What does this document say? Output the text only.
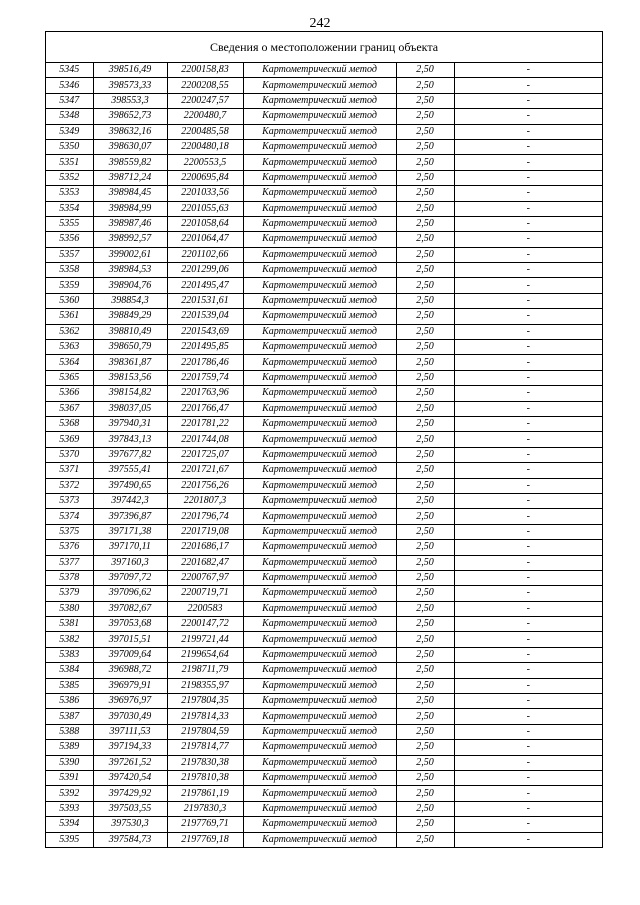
242
Сведения о местоположении границ объекта
5345	398516,49	2200158,83	Картометрический метод	2,50	-
5346	398573,33	2200208,55	Картометрический метод	2,50	-
5347	398553,3	2200247,57	Картометрический метод	2,50	-
5348	398652,73	2200480,7	Картометрический метод	2,50	-
5349	398632,16	2200485,58	Картометрический метод	2,50	-
5350	398630,07	2200480,18	Картометрический метод	2,50	-
5351	398559,82	2200553,5	Картометрический метод	2,50	-
5352	398712,24	2200695,84	Картометрический метод	2,50	-
5353	398984,45	2201033,56	Картометрический метод	2,50	-
5354	398984,99	2201055,63	Картометрический метод	2,50	-
5355	398987,46	2201058,64	Картометрический метод	2,50	-
5356	398992,57	2201064,47	Картометрический метод	2,50	-
5357	399002,61	2201102,66	Картометрический метод	2,50	-
5358	398984,53	2201299,06	Картометрический метод	2,50	-
5359	398904,76	2201495,47	Картометрический метод	2,50	-
5360	398854,3	2201531,61	Картометрический метод	2,50	-
5361	398849,29	2201539,04	Картометрический метод	2,50	-
5362	398810,49	2201543,69	Картометрический метод	2,50	-
5363	398650,79	2201495,85	Картометрический метод	2,50	-
5364	398361,87	2201786,46	Картометрический метод	2,50	-
5365	398153,56	2201759,74	Картометрический метод	2,50	-
5366	398154,82	2201763,96	Картометрический метод	2,50	-
5367	398037,05	2201766,47	Картометрический метод	2,50	-
5368	397940,31	2201781,22	Картометрический метод	2,50	-
5369	397843,13	2201744,08	Картометрический метод	2,50	-
5370	397677,82	2201725,07	Картометрический метод	2,50	-
5371	397555,41	2201721,67	Картометрический метод	2,50	-
5372	397490,65	2201756,26	Картометрический метод	2,50	-
5373	397442,3	2201807,3	Картометрический метод	2,50	-
5374	397396,87	2201796,74	Картометрический метод	2,50	-
5375	397171,38	2201719,08	Картометрический метод	2,50	-
5376	397170,11	2201686,17	Картометрический метод	2,50	-
5377	397160,3	2201682,47	Картометрический метод	2,50	-
5378	397097,72	2200767,97	Картометрический метод	2,50	-
5379	397096,62	2200719,71	Картометрический метод	2,50	-
5380	397082,67	2200583	Картометрический метод	2,50	-
5381	397053,68	2200147,72	Картометрический метод	2,50	-
5382	397015,51	2199721,44	Картометрический метод	2,50	-
5383	397009,64	2199654,64	Картометрический метод	2,50	-
5384	396988,72	2198711,79	Картометрический метод	2,50	-
5385	396979,91	2198355,97	Картометрический метод	2,50	-
5386	396976,97	2197804,35	Картометрический метод	2,50	-
5387	397030,49	2197814,33	Картометрический метод	2,50	-
5388	397111,53	2197804,59	Картометрический метод	2,50	-
5389	397194,33	2197814,77	Картометрический метод	2,50	-
5390	397261,52	2197830,38	Картометрический метод	2,50	-
5391	397420,54	2197810,38	Картометрический метод	2,50	-
5392	397429,92	2197861,19	Картометрический метод	2,50	-
5393	397503,55	2197830,3	Картометрический метод	2,50	-
5394	397530,3	2197769,71	Картометрический метод	2,50	-
5395	397584,73	2197769,18	Картометрический метод	2,50	-
